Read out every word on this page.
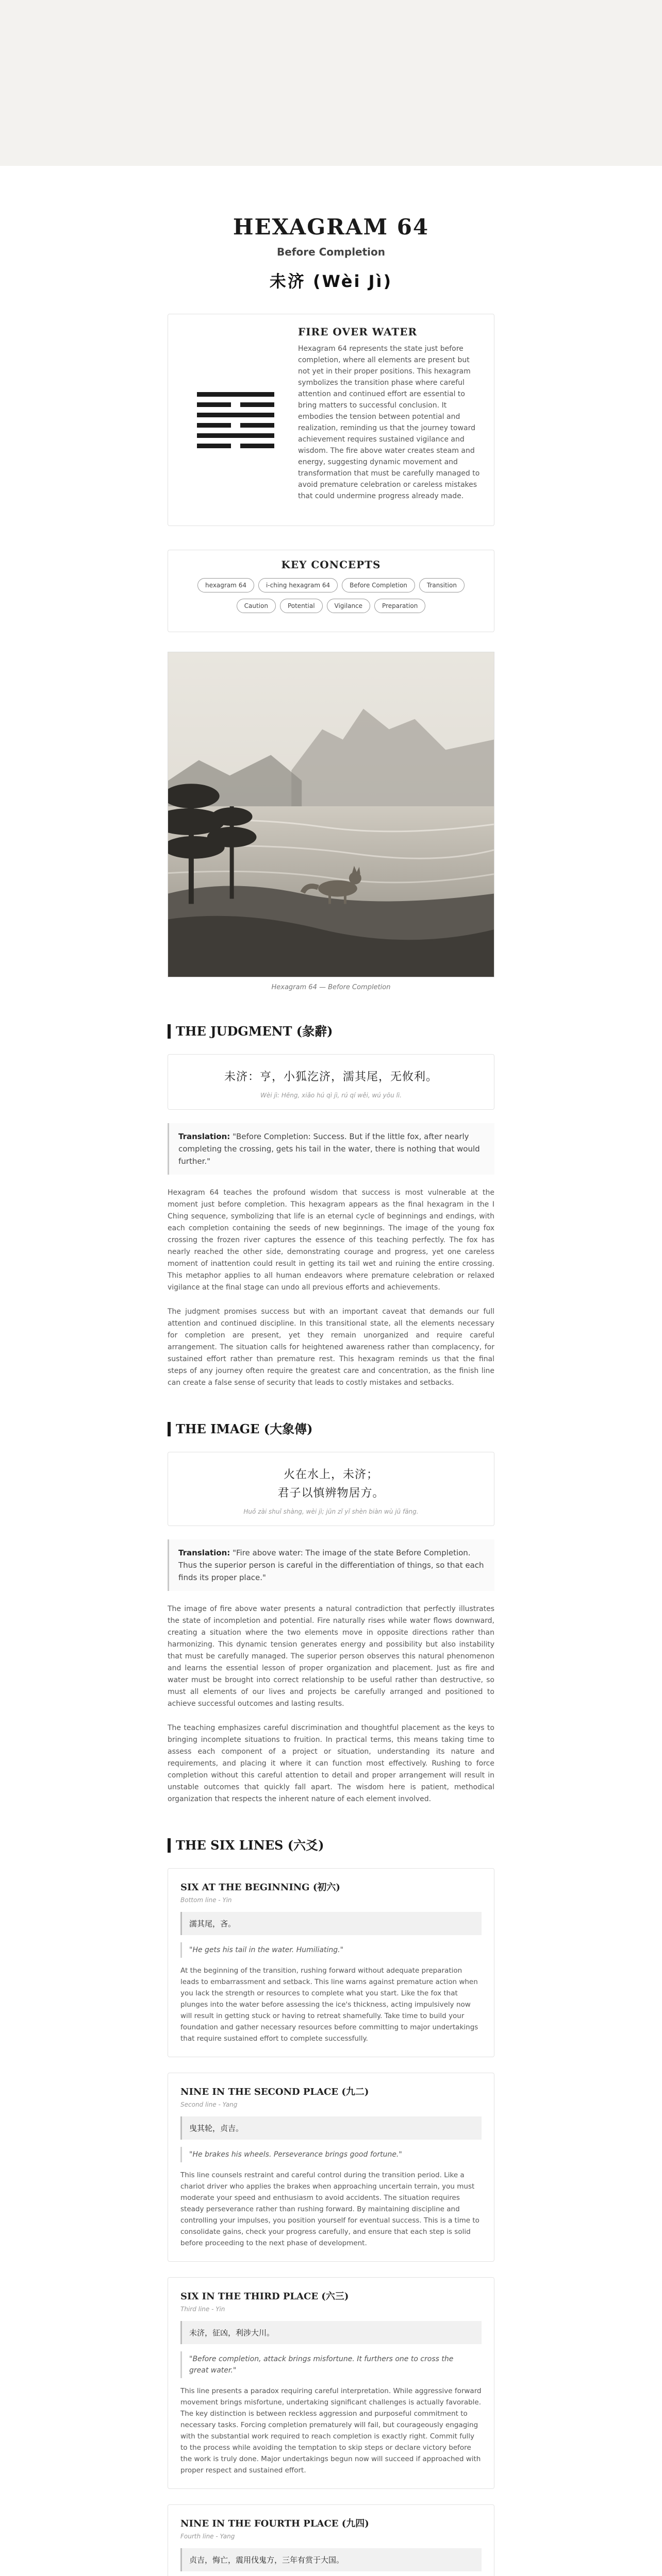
HEXAGRAM 64
Before Completion
未济 (Wèi Jì)
FIRE OVER WATER

Hexagram 64 represents the state just before completion, where all elements are present but not yet in their proper positions. This hexagram symbolizes the transition phase where careful attention and continued effort are essential to bring matters to successful conclusion. It embodies the tension between potential and realization, reminding us that the journey toward achievement requires sustained vigilance and wisdom. The fire above water creates steam and energy, suggesting dynamic movement and transformation that must be carefully managed to avoid premature celebration or careless mistakes that could undermine progress already made.

KEY CONCEPTS
hexagram 64	i-ching hexagram 64	Before Completion	Transition
Caution	Potential	Vigilance	Preparation
Hexagram 64 — Before Completion
THE JUDGMENT (彖辭)
未济：亨，小狐汔济，濡其尾，无攸利。
Wèi jì: Hēng, xiǎo hú qì jì, rú qí wěi, wú yōu lì.
Translation: "Before Completion: Success. But if the little fox, after nearly completing the crossing, gets his tail in the water, there is nothing that would further."

Hexagram 64 teaches the profound wisdom that success is most vulnerable at the moment just before completion. This hexagram appears as the final hexagram in the I Ching sequence, symbolizing that life is an eternal cycle of beginnings and endings, with each completion containing the seeds of new beginnings. The image of the young fox crossing the frozen river captures the essence of this teaching perfectly. The fox has nearly reached the other side, demonstrating courage and progress, yet one careless moment of inattention could result in getting its tail wet and ruining the entire crossing. This metaphor applies to all human endeavors where premature celebration or relaxed vigilance at the final stage can undo all previous efforts and achievements.

The judgment promises success but with an important caveat that demands our full attention and continued discipline. In this transitional state, all the elements necessary for completion are present, yet they remain unorganized and require careful arrangement. The situation calls for heightened awareness rather than complacency, for sustained effort rather than premature rest. This hexagram reminds us that the final steps of any journey often require the greatest care and concentration, as the finish line can create a false sense of security that leads to costly mistakes and setbacks.

THE IMAGE (大象傳)
火在水上，未济；
君子以慎辨物居方。
Huǒ zài shuǐ shàng, wèi jì; jūn zǐ yǐ shèn biàn wù jū fāng.
Translation: "Fire above water: The image of the state Before Completion. Thus the superior person is careful in the differentiation of things, so that each finds its proper place."

The image of fire above water presents a natural contradiction that perfectly illustrates the state of incompletion and potential. Fire naturally rises while water flows downward, creating a situation where the two elements move in opposite directions rather than harmonizing. This dynamic tension generates energy and possibility but also instability that must be carefully managed. The superior person observes this natural phenomenon and learns the essential lesson of proper organization and placement. Just as fire and water must be brought into correct relationship to be useful rather than destructive, so must all elements of our lives and projects be carefully arranged and positioned to achieve successful outcomes and lasting results.

The teaching emphasizes careful discrimination and thoughtful placement as the keys to bringing incomplete situations to fruition. In practical terms, this means taking time to assess each component of a project or situation, understanding its nature and requirements, and placing it where it can function most effectively. Rushing to force completion without this careful attention to detail and proper arrangement will result in unstable outcomes that quickly fall apart. The wisdom here is patient, methodical organization that respects the inherent nature of each element involved.

THE SIX LINES (六爻)
SIX AT THE BEGINNING (初六)
Bottom line - Yin
濡其尾，吝。
"He gets his tail in the water. Humiliating."

At the beginning of the transition, rushing forward without adequate preparation leads to embarrassment and setback. This line warns against premature action when you lack the strength or resources to complete what you start. Like the fox that plunges into the water before assessing the ice's thickness, acting impulsively now will result in getting stuck or having to retreat shamefully. Take time to build your foundation and gather necessary resources before committing to major undertakings that require sustained effort to complete successfully.

NINE IN THE SECOND PLACE (九二)
Second line - Yang
曳其轮，贞吉。
"He brakes his wheels. Perseverance brings good fortune."

This line counsels restraint and careful control during the transition period. Like a chariot driver who applies the brakes when approaching uncertain terrain, you must moderate your speed and enthusiasm to avoid accidents. The situation requires steady perseverance rather than rushing forward. By maintaining discipline and controlling your impulses, you position yourself for eventual success. This is a time to consolidate gains, check your progress carefully, and ensure that each step is solid before proceeding to the next phase of development.

SIX IN THE THIRD PLACE (六三)
Third line - Yin
未济，征凶，利涉大川。
"Before completion, attack brings misfortune. It furthers one to cross the great water."

This line presents a paradox requiring careful interpretation. While aggressive forward movement brings misfortune, undertaking significant challenges is actually favorable. The key distinction is between reckless aggression and purposeful commitment to necessary tasks. Forcing completion prematurely will fail, but courageously engaging with the substantial work required to reach completion is exactly right. Commit fully to the process while avoiding the temptation to skip steps or declare victory before the work is truly done. Major undertakings begun now will succeed if approached with proper respect and sustained effort.

NINE IN THE FOURTH PLACE (九四)
Fourth line - Yang
贞吉，悔亡，震用伐鬼方，三年有赏于大国。
